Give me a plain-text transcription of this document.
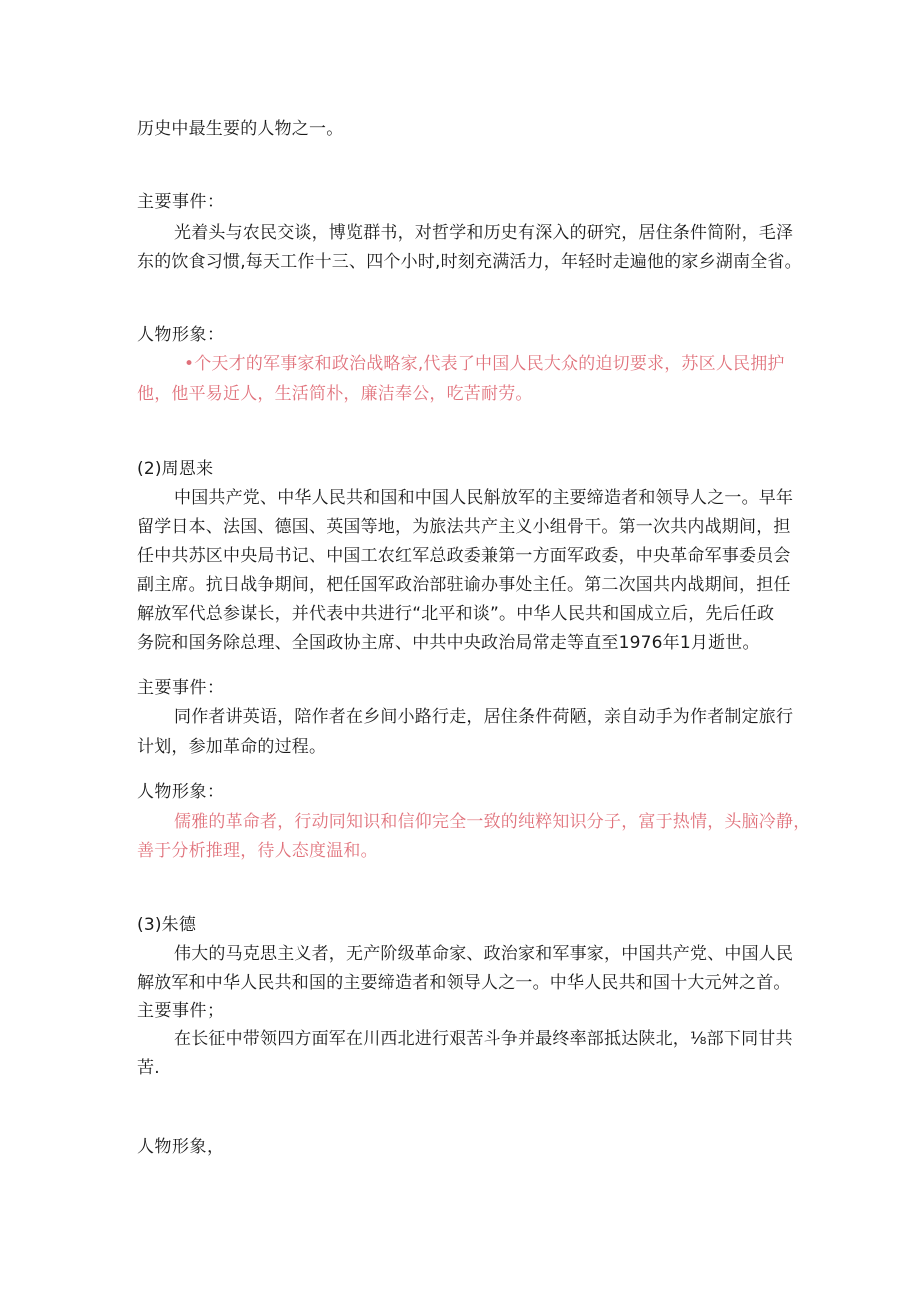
历史中最生要的人物之一。
主要事件：
光着头与农民交谈，博览群书，对哲学和历史有深入的研究，居住条件简附，毛泽
东的饮食习惯,每天工作十三、四个小时,时刻充满活力，年轻时走遍他的家乡湖南全省。
人物形象：
•个天才的军事家和政治战略家,代表了中国人民大众的迫切要求，苏区人民拥护
他，他平易近人，生活简朴，廉洁奉公，吃苦耐劳。
(2)周恩来
中国共产党、中华人民共和国和中国人民斛放军的主要缔造者和领导人之一。早年
留学日本、法国、德国、英国等地，为旅法共产主义小组骨干。第一次共内战期间，担
任中共苏区中央局书记、中国工农红军总政委兼第一方面军政委，中央革命军事委员会
副主席。抗日战争期间，杷任国军政治部驻谕办事处主任。第二次国共内战期间，担任
解放军代总参谋长，并代表中共进行“北平和谈”。中华人民共和国成立后，先后任政
务院和国务除总理、全国政协主席、中共中央政治局常走等直至1976年1月逝世。
主要事件：
同作者讲英语，陪作者在乡间小路行走，居住条件荷陋，亲自动手为作者制定旅行
计划，参加革命的过程。
人物形象：
儒雅的革命者，行动同知识和信仰完全一致的纯粹知识分子，富于热情，头脑冷静，
善于分析推理，待人态度温和。
(3)朱德
伟大的马克思主义者，无产阶级革命家、政治家和军事家，中国共产党、中国人民
解放军和中华人民共和国的主要缔造者和领导人之一。中华人民共和国十大元舛之首。
主要事件；
在长征中带领四方面军在川西北进行艰苦斗争并最终率部抵达陕北，⅛部下同甘共
苦.
人物形象，
